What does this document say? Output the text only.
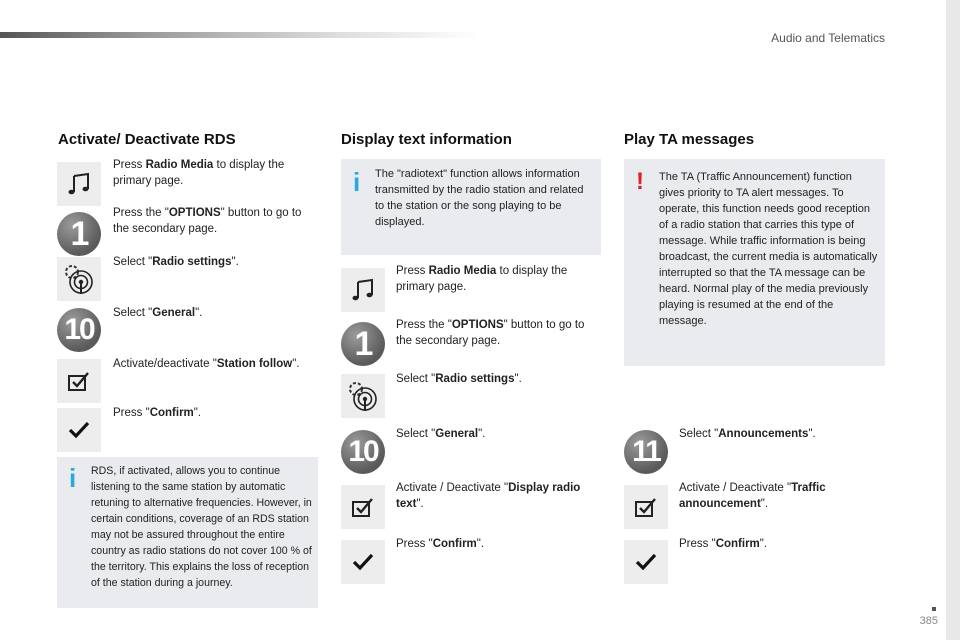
Audio and Telematics
Activate/ Deactivate RDS
Press Radio Media to display the primary page.
1
Press the "OPTIONS" button to go to the secondary page.
Select "Radio settings".
10	Select "General".
Activate/deactivate "Station follow".
Press "Confirm".
i RDS, if activated, allows you to continue listening to the same station by automatic retuning to alternative frequencies. However, in certain conditions, coverage of an RDS station may not be assured throughout the entire country as radio stations do not cover 100 % of the territory. This explains the loss of reception of the station during a journey.
Display text information
i The "radiotext" function allows information transmitted by the radio station and related to the station or the song playing to be displayed.
Press Radio Media to display the primary page.
1	Press the "OPTIONS" button to go to the secondary page.
Select "Radio settings".
10
Select "General".
Activate / Deactivate "Display radio text".
Press "Confirm".
Play TA messages
! The TA (Traffic Announcement) function gives priority to TA alert messages. To operate, this function needs good reception of a radio station that carries this type of message. While traffic information is being broadcast, the current media is automatically interrupted so that the TA message can be heard. Normal play of the media previously playing is resumed at the end of the message.
11
Select "Announcements".
Activate / Deactivate "Traffic announcement".
Press "Confirm".
385
